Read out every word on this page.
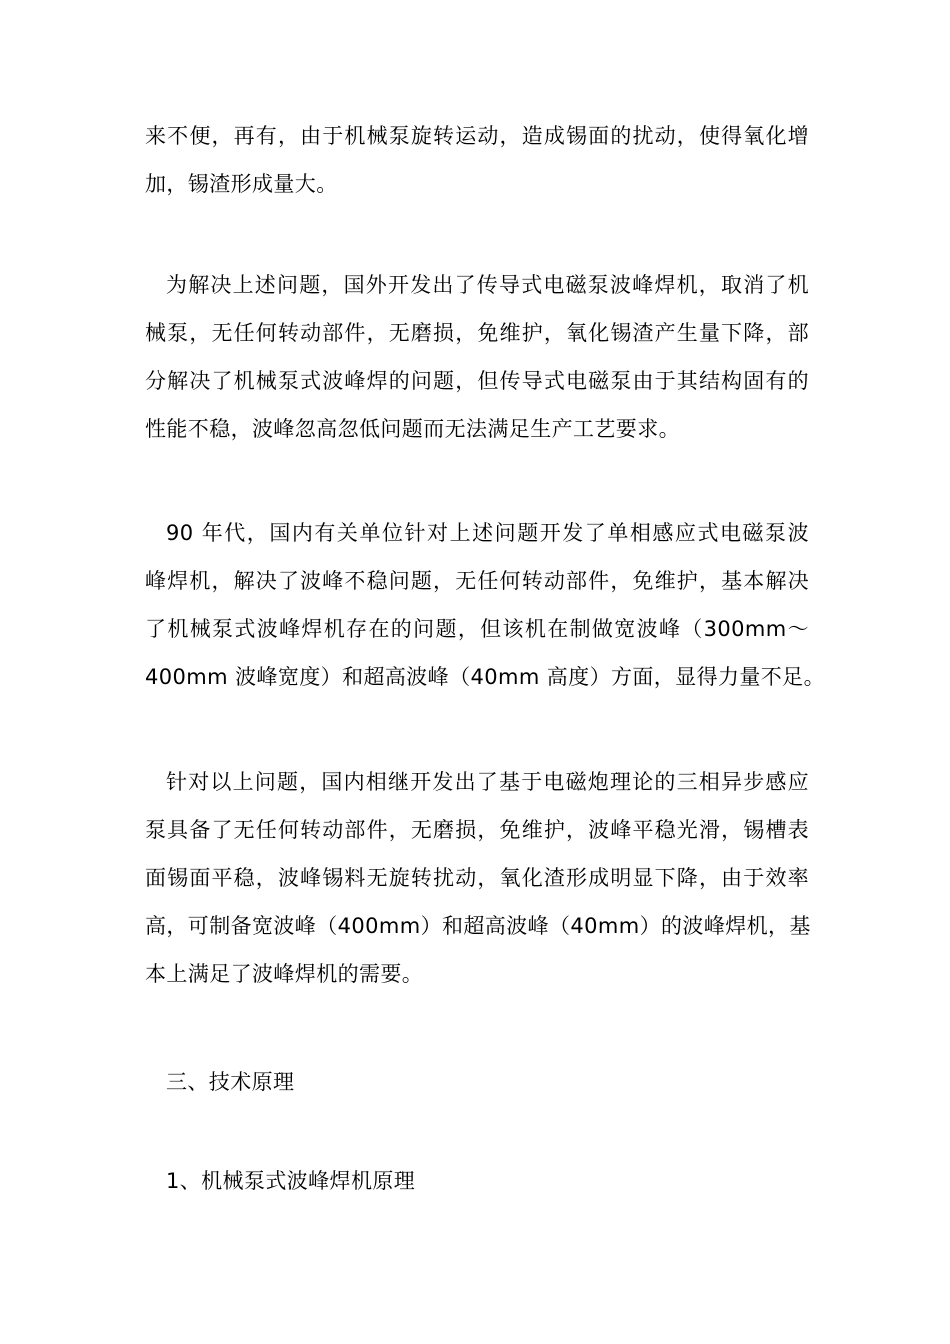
来不便，再有，由于机械泵旋转运动，造成锡面的扰动，使得氧化增
加，锡渣形成量大。

为解决上述问题，国外开发出了传导式电磁泵波峰焊机，取消了机
械泵，无任何转动部件，无磨损，免维护，氧化锡渣产生量下降，部
分解决了机械泵式波峰焊的问题，但传导式电磁泵由于其结构固有的
性能不稳，波峰忽高忽低问题而无法满足生产工艺要求。

90 年代，国内有关单位针对上述问题开发了单相感应式电磁泵波
峰焊机，解决了波峰不稳问题，无任何转动部件，免维护，基本解决
了机械泵式波峰焊机存在的问题，但该机在制做宽波峰（300mm～
400mm 波峰宽度）和超高波峰（40mm 高度）方面，显得力量不足。

针对以上问题，国内相继开发出了基于电磁炮理论的三相异步感应
泵具备了无任何转动部件，无磨损，免维护，波峰平稳光滑，锡槽表
面锡面平稳，波峰锡料无旋转扰动，氧化渣形成明显下降，由于效率
高，可制备宽波峰（400mm）和超高波峰（40mm）的波峰焊机，基
本上满足了波峰焊机的需要。

三、技术原理

1、机械泵式波峰焊机原理
